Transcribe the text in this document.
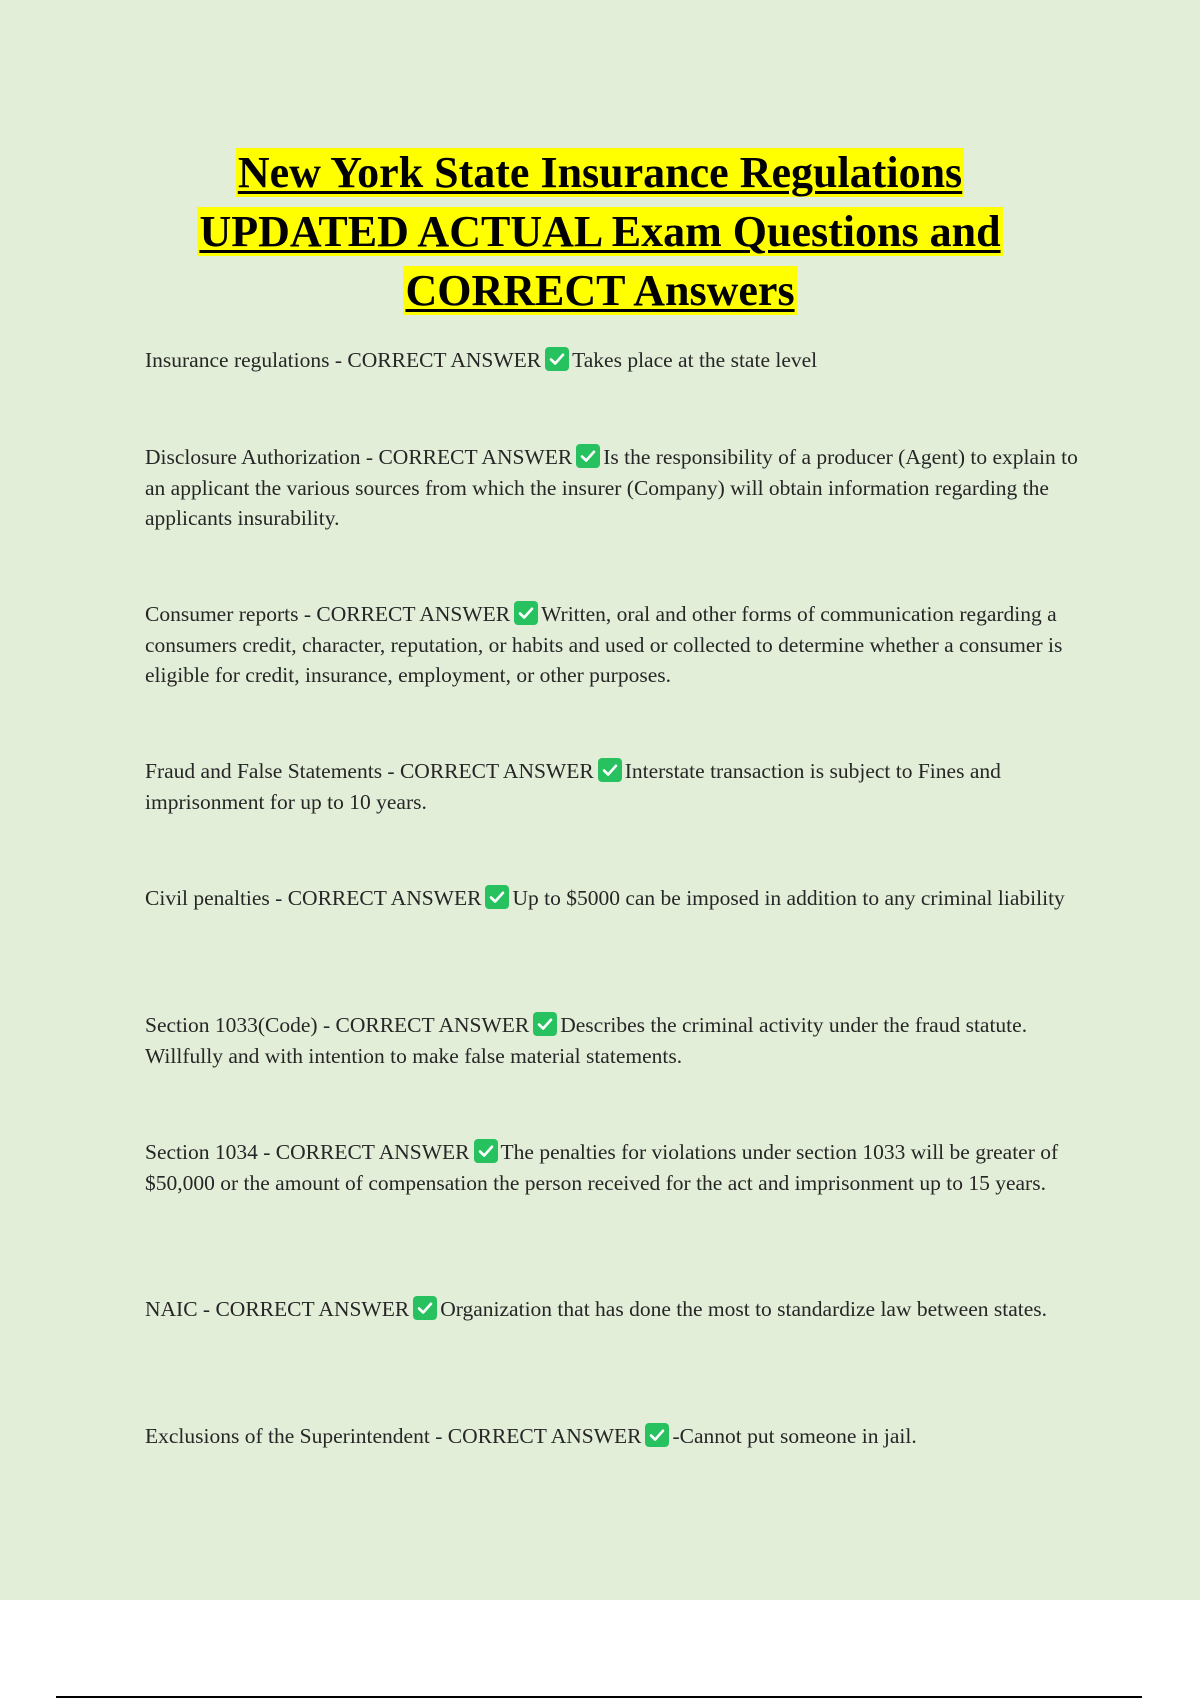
New York State Insurance Regulations
UPDATED ACTUAL Exam Questions and
CORRECT Answers
Insurance regulations - CORRECT ANSWER Takes place at the state level
Disclosure Authorization - CORRECT ANSWER Is the responsibility of a producer (Agent) to explain to an applicant the various sources from which the insurer (Company) will obtain information regarding the applicants insurability.
Consumer reports - CORRECT ANSWER Written, oral and other forms of communication regarding a consumers credit, character, reputation, or habits and used or collected to determine whether a consumer is eligible for credit, insurance, employment, or other purposes.
Fraud and False Statements - CORRECT ANSWER Interstate transaction is subject to Fines and imprisonment for up to 10 years.
Civil penalties - CORRECT ANSWER Up to $5000 can be imposed in addition to any criminal liability
Section 1033(Code) - CORRECT ANSWER Describes the criminal activity under the fraud statute. Willfully and with intention to make false material statements.
Section 1034 - CORRECT ANSWER The penalties for violations under section 1033 will be greater of $50,000 or the amount of compensation the person received for the act and imprisonment up to 15 years.
NAIC - CORRECT ANSWER Organization that has done the most to standardize law between states.
Exclusions of the Superintendent - CORRECT ANSWER -Cannot put someone in jail.
